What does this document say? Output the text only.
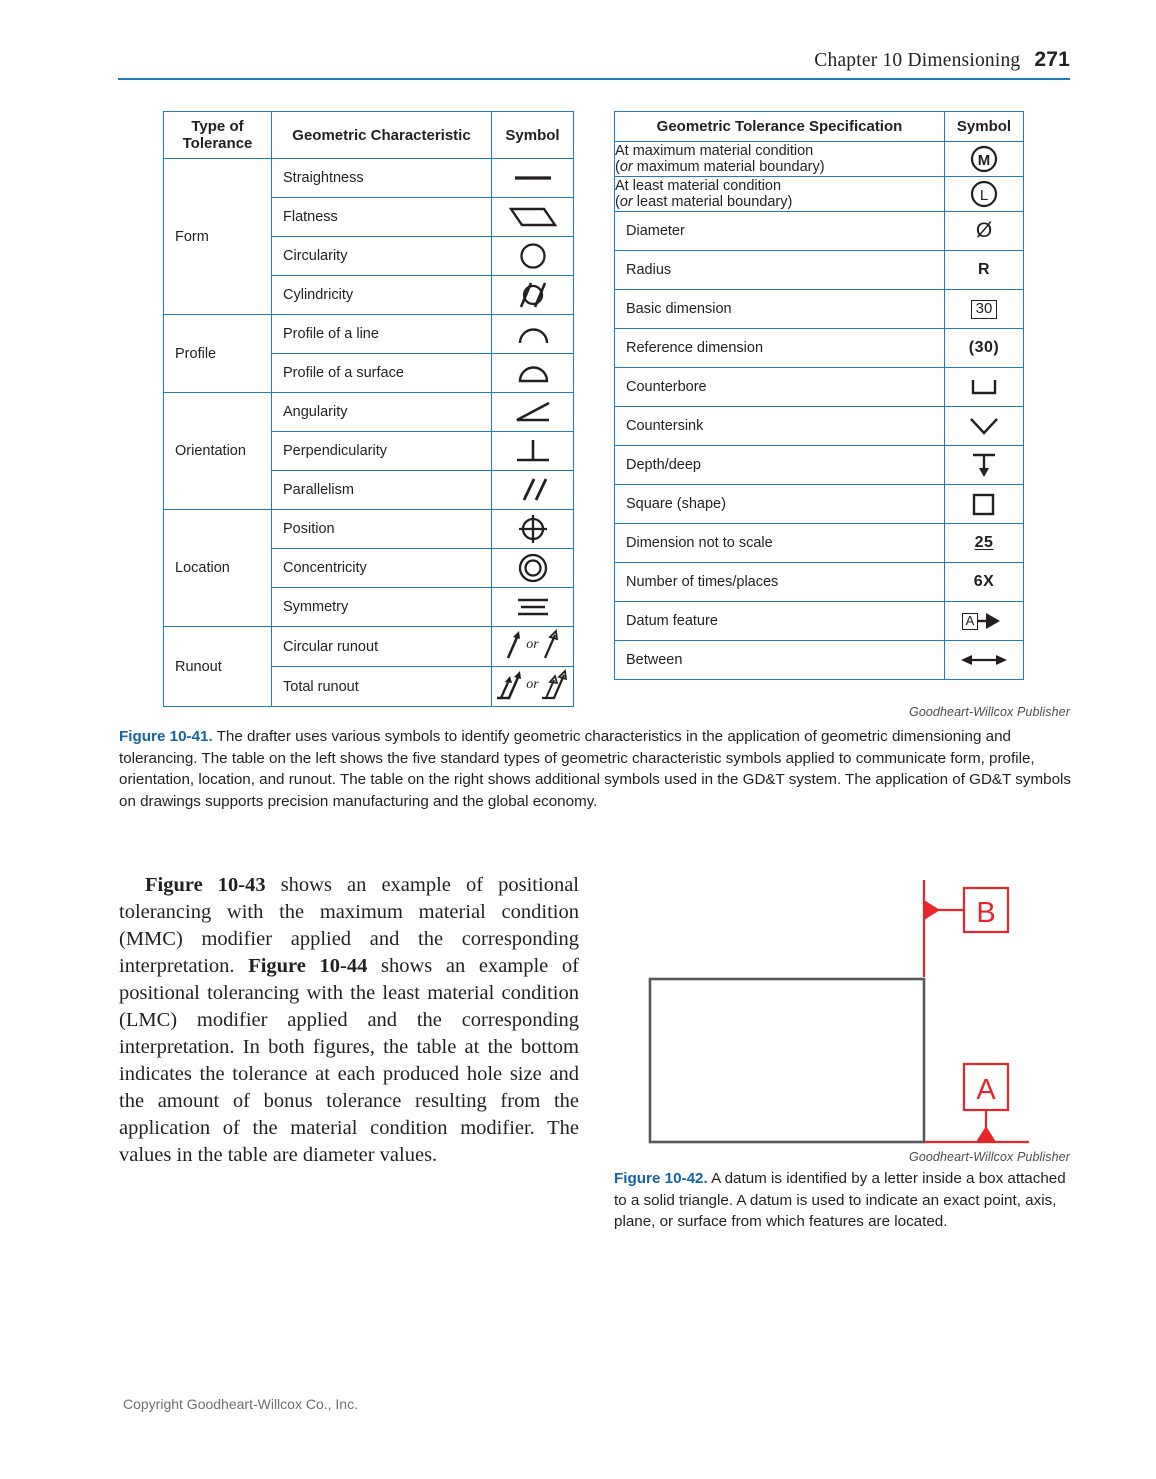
Chapter 10 Dimensioning 271
Type of
Tolerance	Geometric Characteristic	Symbol
Form	Straightness	
	Flatness	
	Circularity	
	Cylindricity	
Profile	Profile of a line	
	Profile of a surface	
Orientation	Angularity	
	Perpendicularity	
	Parallelism	
Location	Position	
	Concentricity	
	Symmetry	
Runout	Circular runout	or

	Total runout	or
Geometric Tolerance Specification	Symbol
At maximum material condition
(or maximum material boundary)	M

At least material condition
(or least material boundary)	L

Diameter	Ø
Radius	R
Basic dimension	30
Reference dimension	(30)
Counterbore	
Countersink	
Depth/deep	
Square (shape)	
Dimension not to scale	25
Number of times/places	6X
Datum feature	A

Between	
Goodheart-Willcox Publisher
Figure 10-41. The drafter uses various symbols to identify geometric characteristics in the application of geometric dimensioning and tolerancing. The table on the left shows the five standard types of geometric characteristic symbols applied to communicate form, profile, orientation, location, and runout. The table on the right shows additional symbols used in the GD&T system. The application of GD&T symbols on drawings supports precision manufacturing and the global economy.
Figure 10-43 shows an example of positional tolerancing with the maximum material condition (MMC) modifier applied and the corresponding interpretation. Figure 10-44 shows an example of positional tolerancing with the least material condition (LMC) modifier applied and the corresponding interpretation. In both figures, the table at the bottom indicates the tolerance at each produced hole size and the amount of bonus tolerance resulting from the application of the material condition modifier. The values in the table are diameter values.
B
A
Goodheart-Willcox Publisher
Figure 10-42. A datum is identified by a letter inside a box attached to a solid triangle. A datum is used to indicate an exact point, axis, plane, or surface from which features are located.
Copyright Goodheart-Willcox Co., Inc.
